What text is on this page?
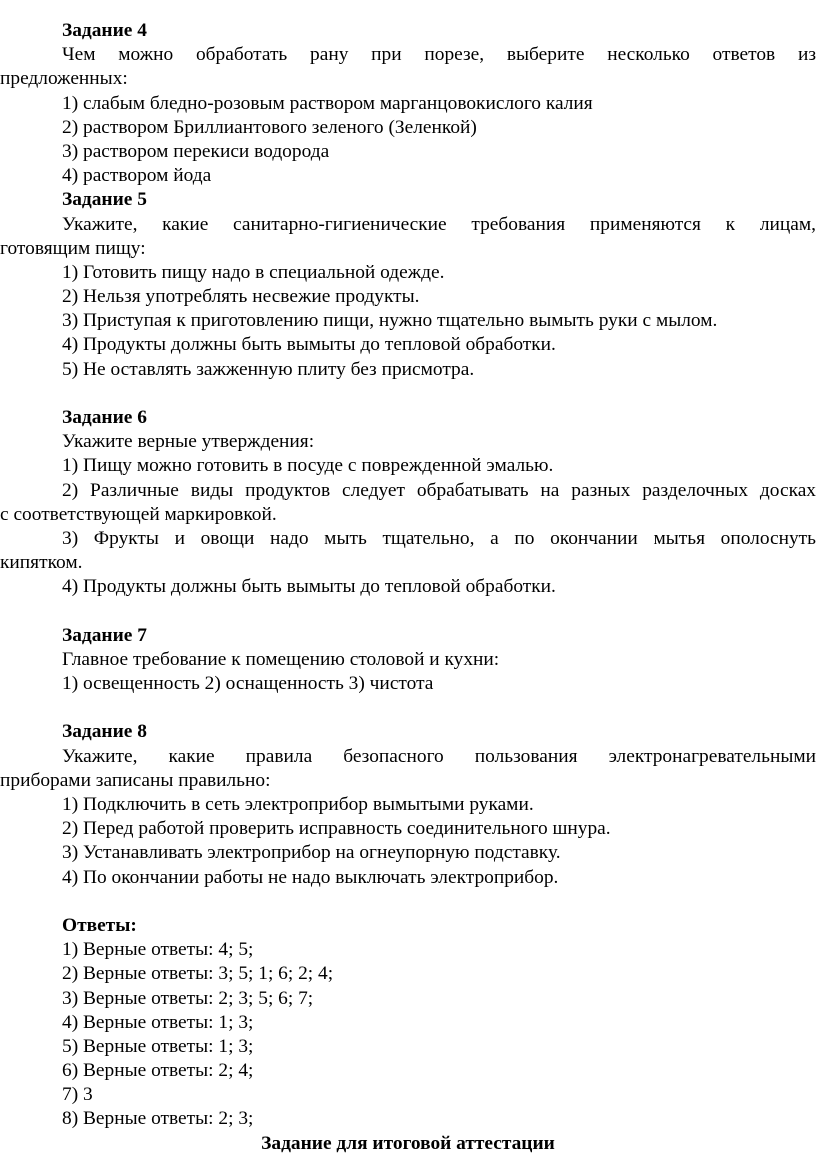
Задание 4
Чем можно обработать рану при порезе, выберите несколько ответов из
предложенных:
1) слабым бледно-розовым раствором марганцовокислого калия
2) раствором Бриллиантового зеленого (Зеленкой)
3) раствором перекиси водорода
4) раствором йода
Задание 5
Укажите, какие санитарно-гигиенические требования применяются к лицам,
готовящим пищу:
1) Готовить пищу надо в специальной одежде.
2) Нельзя употреблять несвежие продукты.
3) Приступая к приготовлению пищи, нужно тщательно вымыть руки с мылом.
4) Продукты должны быть вымыты до тепловой обработки.
5) Не оставлять зажженную плиту без присмотра.
Задание 6
Укажите верные утверждения:
1) Пищу можно готовить в посуде с поврежденной эмалью.
2) Различные виды продуктов следует обрабатывать на разных разделочных досках
с соответствующей маркировкой.
3) Фрукты и овощи надо мыть тщательно, а по окончании мытья ополоснуть
кипятком.
4) Продукты должны быть вымыты до тепловой обработки.
Задание 7
Главное требование к помещению столовой и кухни:
1) освещенность 2) оснащенность 3) чистота
Задание 8
Укажите, какие правила безопасного пользования электронагревательными
приборами записаны правильно:
1) Подключить в сеть электроприбор вымытыми руками.
2) Перед работой проверить исправность соединительного шнура.
3) Устанавливать электроприбор на огнеупорную подставку.
4) По окончании работы не надо выключать электроприбор.
Ответы:
1) Верные ответы: 4; 5;
2) Верные ответы: 3; 5; 1; 6; 2; 4;
3) Верные ответы: 2; 3; 5; 6; 7;
4) Верные ответы: 1; 3;
5) Верные ответы: 1; 3;
6) Верные ответы: 2; 4;
7) 3
8) Верные ответы: 2; 3;
Задание для итоговой аттестации
